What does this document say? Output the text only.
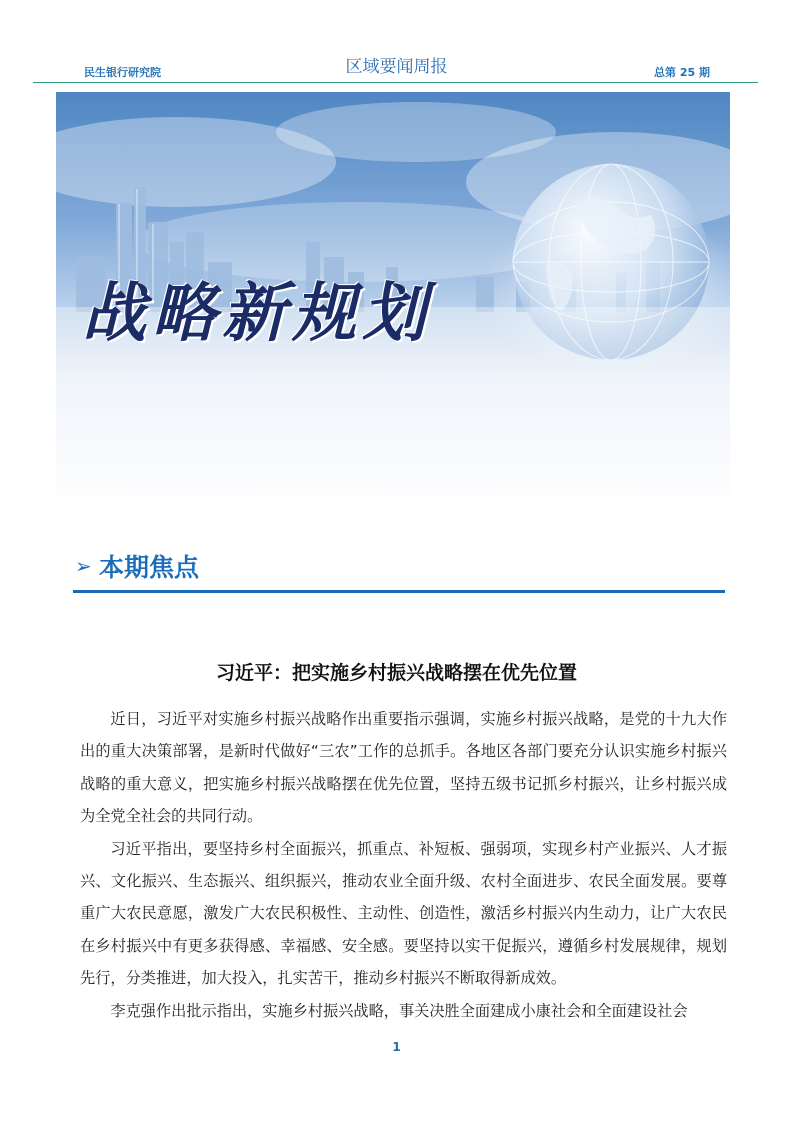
民生银行研究院	区域要闻周报	总第 25 期
战略新规划
➢ 本期焦点
习近平：把实施乡村振兴战略摆在优先位置

近日，习近平对实施乡村振兴战略作出重要指示强调，实施乡村振兴战略，是党的十九大作出的重大决策部署，是新时代做好“三农”工作的总抓手。各地区各部门要充分认识实施乡村振兴战略的重大意义，把实施乡村振兴战略摆在优先位置，坚持五级书记抓乡村振兴，让乡村振兴成为全党全社会的共同行动。

习近平指出，要坚持乡村全面振兴，抓重点、补短板、强弱项，实现乡村产业振兴、人才振兴、文化振兴、生态振兴、组织振兴，推动农业全面升级、农村全面进步、农民全面发展。要尊重广大农民意愿，激发广大农民积极性、主动性、创造性，激活乡村振兴内生动力，让广大农民在乡村振兴中有更多获得感、幸福感、安全感。要坚持以实干促振兴，遵循乡村发展规律，规划先行，分类推进，加大投入，扎实苦干，推动乡村振兴不断取得新成效。

李克强作出批示指出，实施乡村振兴战略，事关决胜全面建成小康社会和全面建设社会

1
